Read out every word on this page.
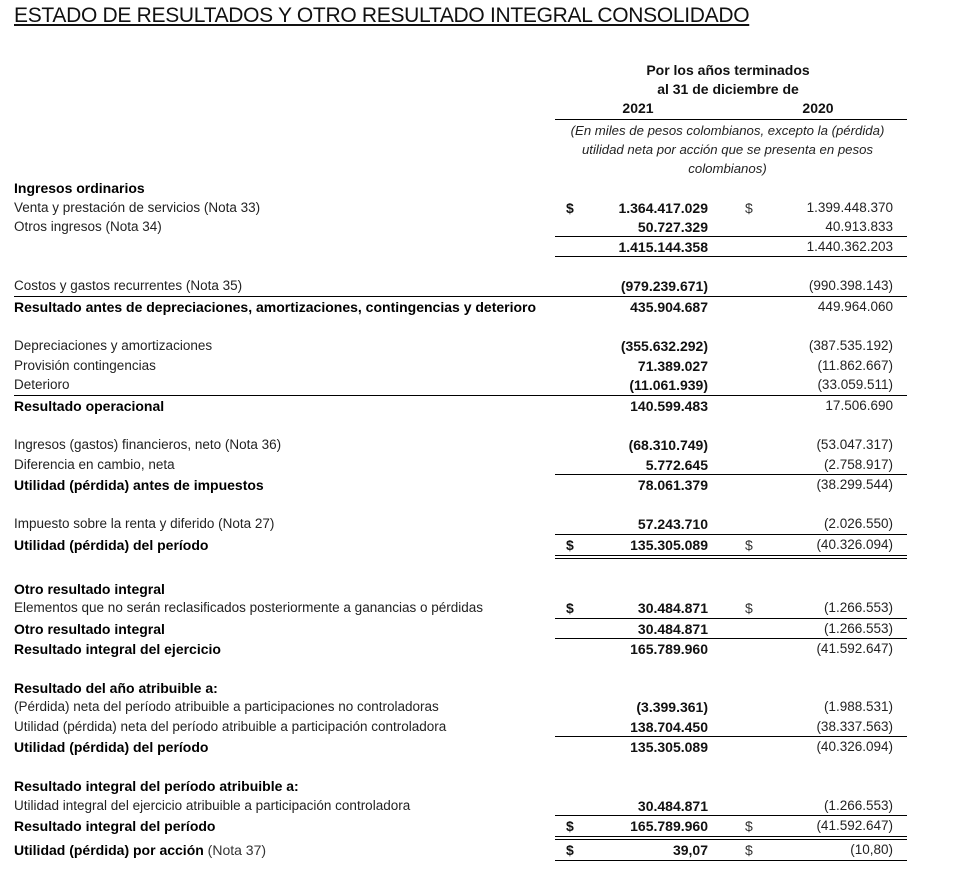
ESTADO DE RESULTADOS Y OTRO RESULTADO INTEGRAL CONSOLIDADO
Por los años terminados
al 31 de diciembre de
2021	2020
(En miles de pesos colombianos, excepto la (pérdida) utilidad neta por acción que se presenta en pesos colombianos)
Ingresos ordinarios
Venta y prestación de servicios (Nota 33)	$	1.364.417.029	$	1.399.448.370
Otros ingresos (Nota 34)	50.727.329	40.913.833
1.415.144.358	1.440.362.203
Costos y gastos recurrentes (Nota 35)	(979.239.671)	(990.398.143)
Resultado antes de depreciaciones, amortizaciones, contingencias y deterioro	435.904.687	449.964.060
Depreciaciones y amortizaciones	(355.632.292)	(387.535.192)
Provisión contingencias	71.389.027	(11.862.667)
Deterioro	(11.061.939)	(33.059.511)
Resultado operacional	140.599.483	17.506.690
Ingresos (gastos) financieros, neto (Nota 36)	(68.310.749)	(53.047.317)
Diferencia en cambio, neta	5.772.645	(2.758.917)
Utilidad (pérdida) antes de impuestos	78.061.379	(38.299.544)
Impuesto sobre la renta y diferido (Nota 27)	57.243.710	(2.026.550)
Utilidad (pérdida) del período	$	135.305.089	$	(40.326.094)
Otro resultado integral
Elementos que no serán reclasificados posteriormente a ganancias o pérdidas	$	30.484.871	$	(1.266.553)
Otro resultado integral	30.484.871	(1.266.553)
Resultado integral del ejercicio	165.789.960	(41.592.647)
Resultado del año atribuible a:
(Pérdida) neta del período atribuible a participaciones no controladoras	(3.399.361)	(1.988.531)
Utilidad (pérdida) neta del período atribuible a participación controladora	138.704.450	(38.337.563)
Utilidad (pérdida) del período	135.305.089	(40.326.094)
Resultado integral del período atribuible a:
Utilidad integral del ejercicio atribuible a participación controladora	30.484.871	(1.266.553)
Resultado integral del período	$	165.789.960	$	(41.592.647)
Utilidad (pérdida) por acción (Nota 37)	$	39,07	$	(10,80)
